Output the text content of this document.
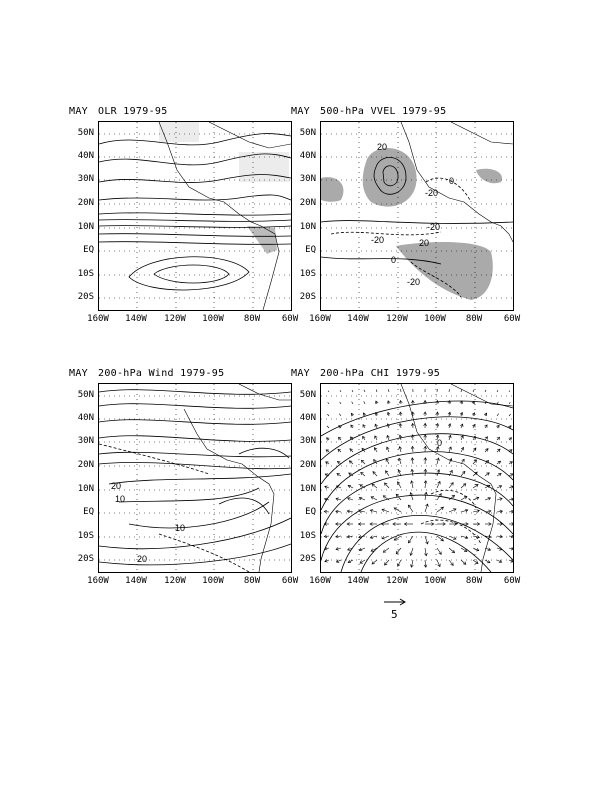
OLR 1979-95
MAY
50N
40N
30N
20N
10N
EQ
10S
20S
160W 140W 120W 100W 80W 60W
500-hPa VVEL 1979-95
MAY
20
20
-20
-20
-20
-20
0
0
50N
40N
30N
20N
10N
EQ
10S
20S
160W 140W 120W 100W 80W 60W
200-hPa Wind 1979-95
MAY
20
10
10
20
50N
40N
30N
20N
10N
EQ
10S
20S
160W 140W 120W 100W 80W 60W
200-hPa CHI 1979-95
MAY
0
50N
40N
30N
20N
10N
EQ
10S
20S
160W 140W 120W 100W 80W 60W
5
